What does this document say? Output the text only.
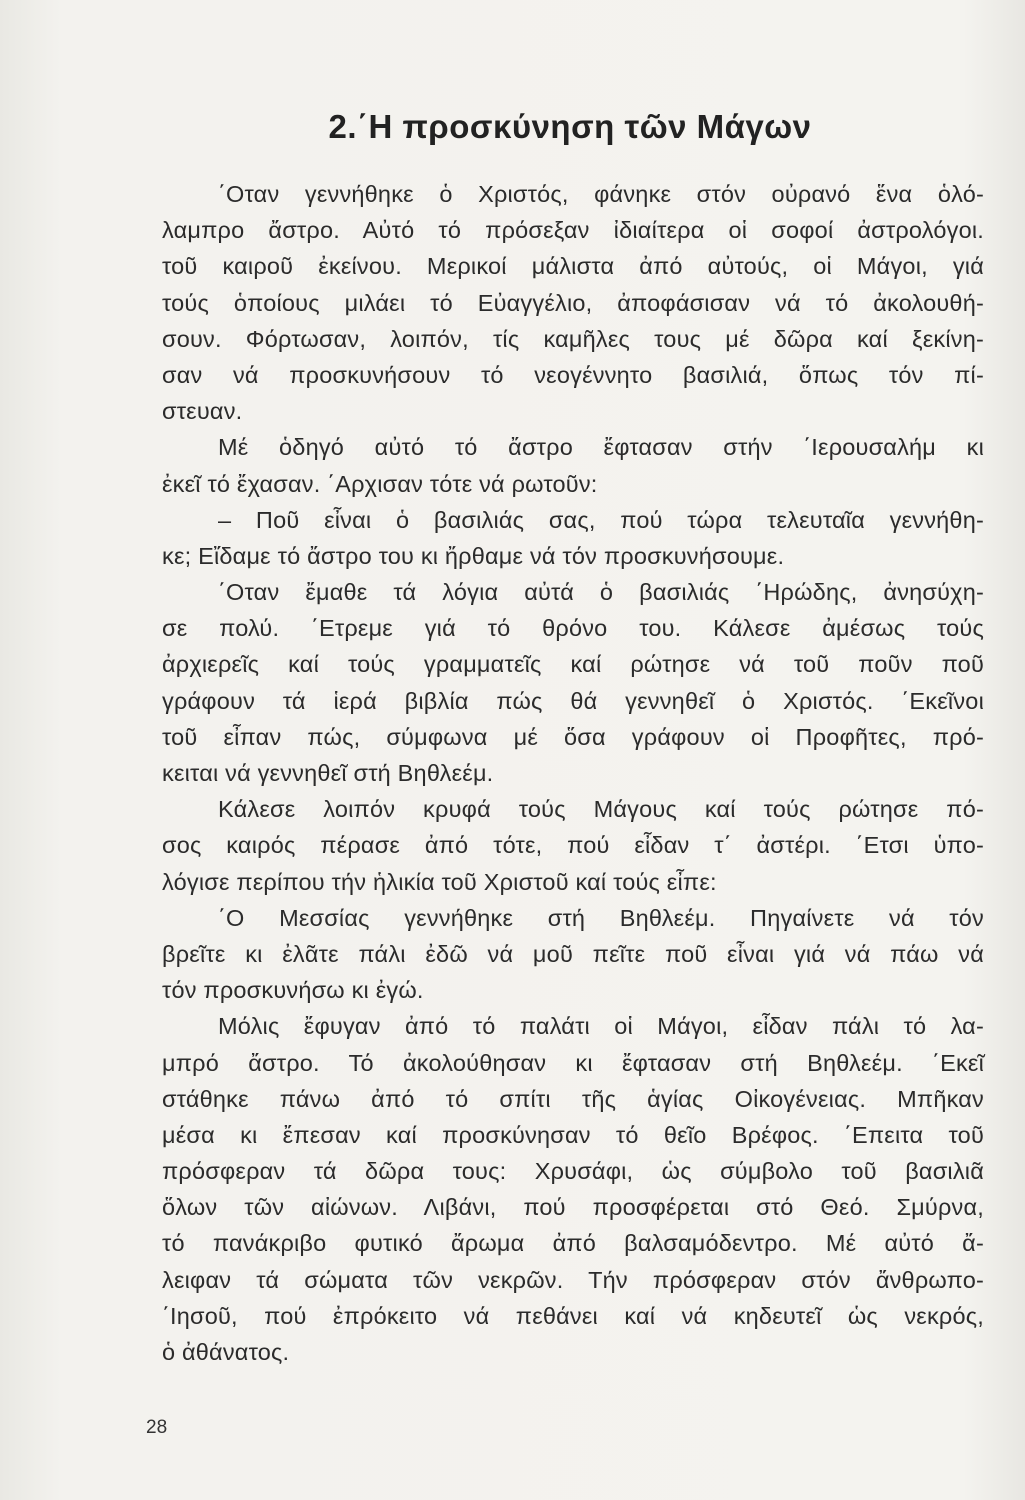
2.΄Η προσκύνηση τῶν Μάγων
΄Οταν γεννήθηκε ὁ Χριστός, φάνηκε στόν οὐρανό ἕνα ὁλό-
λαμπρο ἄστρο. Αὐτό τό πρόσεξαν ἰδιαίτερα οἱ σοφοί ἀστρολόγοι.
τοῦ καιροῦ ἐκείνου. Μερικοί μάλιστα ἀπό αὐτούς, οἱ Μάγοι, γιά
τούς ὁποίους μιλάει τό Εὐαγγέλιο, ἀποφάσισαν νά τό ἀκολουθή-
σουν. Φόρτωσαν, λοιπόν, τίς καμῆλες τους μέ δῶρα καί ξεκίνη-
σαν νά προσκυνήσουν τό νεογέννητο βασιλιά, ὅπως τόν πί-
στευαν.
Μέ ὁδηγό αὐτό τό ἄστρο ἔφτασαν στήν ΄Ιερουσαλήμ κι
ἐκεῖ τό ἔχασαν. ΄Αρχισαν τότε νά ρωτοῦν:
– Ποῦ εἶναι ὁ βασιλιάς σας, πού τώρα τελευταῖα γεννήθη-
κε; Εἴδαμε τό ἄστρο του κι ἤρθαμε νά τόν προσκυνήσουμε.
΄Οταν ἔμαθε τά λόγια αὐτά ὁ βασιλιάς ΄Ηρώδης, ἀνησύχη-
σε πολύ. ΄Ετρεμε γιά τό θρόνο του. Κάλεσε ἀμέσως τούς
ἀρχιερεῖς καί τούς γραμματεῖς καί ρώτησε νά τοῦ ποῦν ποῦ
γράφουν τά ἱερά βιβλία πώς θά γεννηθεῖ ὁ Χριστός. ΄Εκεῖνοι
τοῦ εἶπαν πώς, σύμφωνα μέ ὅσα γράφουν οἱ Προφῆτες, πρό-
κειται νά γεννηθεῖ στή Βηθλεέμ.
Κάλεσε λοιπόν κρυφά τούς Μάγους καί τούς ρώτησε πό-
σος καιρός πέρασε ἀπό τότε, πού εἶδαν τ΄ ἀστέρι. ΄Ετσι ὑπο-
λόγισε περίπου τήν ἡλικία τοῦ Χριστοῦ καί τούς εἶπε:
΄Ο Μεσσίας γεννήθηκε στή Βηθλεέμ. Πηγαίνετε νά τόν
βρεῖτε κι ἐλᾶτε πάλι ἐδῶ νά μοῦ πεῖτε ποῦ εἶναι γιά νά πάω νά
τόν προσκυνήσω κι ἐγώ.
Μόλις ἔφυγαν ἀπό τό παλάτι οἱ Μάγοι, εἶδαν πάλι τό λα-
μπρό ἄστρο. Τό ἀκολούθησαν κι ἔφτασαν στή Βηθλεέμ. ΄Εκεῖ
στάθηκε πάνω ἀπό τό σπίτι τῆς ἁγίας Οἰκογένειας. Μπῆκαν
μέσα κι ἔπεσαν καί προσκύνησαν τό θεῖο Βρέφος. ΄Επειτα τοῦ
πρόσφεραν τά δῶρα τους: Χρυσάφι, ὡς σύμβολο τοῦ βασιλιᾶ
ὅλων τῶν αἰώνων. Λιβάνι, πού προσφέρεται στό Θεό. Σμύρνα,
τό πανάκριβο φυτικό ἄρωμα ἀπό βαλσαμόδεντρο. Μέ αὐτό ἄ-
λειφαν τά σώματα τῶν νεκρῶν. Τήν πρόσφεραν στόν ἄνθρωπο-
΄Ιησοῦ, πού ἐπρόκειτο νά πεθάνει καί νά κηδευτεῖ ὡς νεκρός,
ὁ ἀθάνατος.
28
